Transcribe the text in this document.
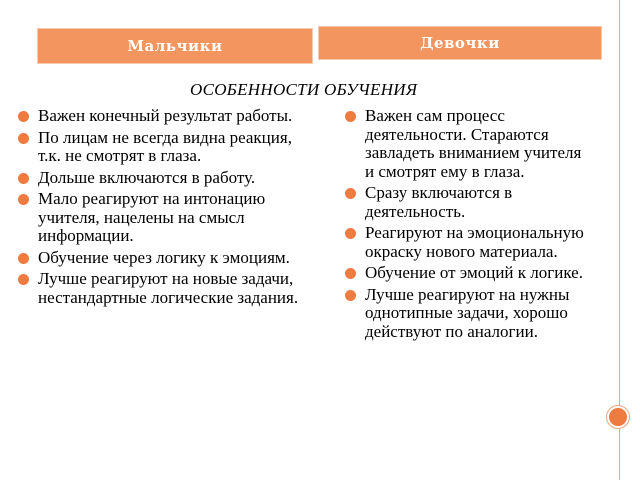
Мальчики	Девочки
ОСОБЕННОСТИ ОБУЧЕНИЯ
Важен конечный результат работы.
По лицам не всегда видна реакция, т.к. не смотрят в глаза.
Дольше включаются в работу.
Мало реагируют на интонацию учителя, нацелены на смысл информации.
Обучение через логику к эмоциям.
Лучше реагируют на новые задачи, нестандартные логические задания.
Важен сам процесс деятельности. Стараются завладеть вниманием учителя и смотрят ему в глаза.
Сразу включаются в деятельность.
Реагируют на эмоциональную окраску нового материала.
Обучение от эмоций к логике.
Лучше реагируют на нужны однотипные задачи, хорошо действуют по аналогии.
